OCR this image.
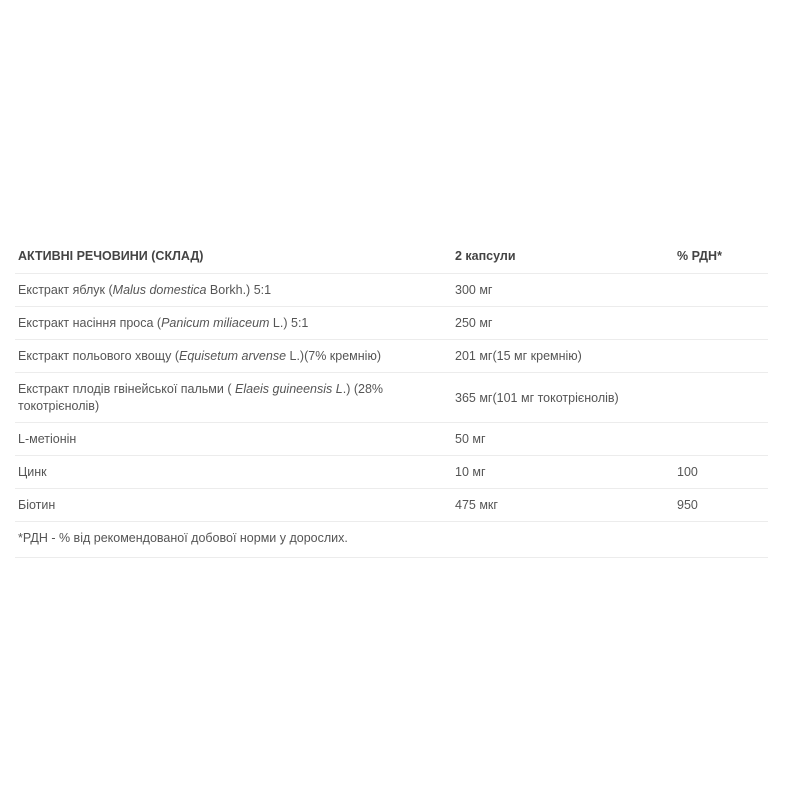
АКТИВНІ РЕЧОВИНИ (СКЛАД)	2 капсули	% РДН*
Екстракт яблук (Malus domestica Borkh.) 5:1	300 мг	
Екстракт насіння проса (Panicum miliaceum L.) 5:1	250 мг	
Екстракт польового хвощу (Equisetum arvense L.)(7% кремнію)	201 мг(15 мг кремнію)	
Екстракт плодів гвінейської пальми ( Elaeis guineensis L.) (28% токотрієнолів)	365 мг(101 мг токотрієнолів)	
L-метіонін	50 мг	
Цинк	10 мг	100
Біотин	475 мкг	950
*РДН - % від рекомендованої добової норми у дорослих.		
